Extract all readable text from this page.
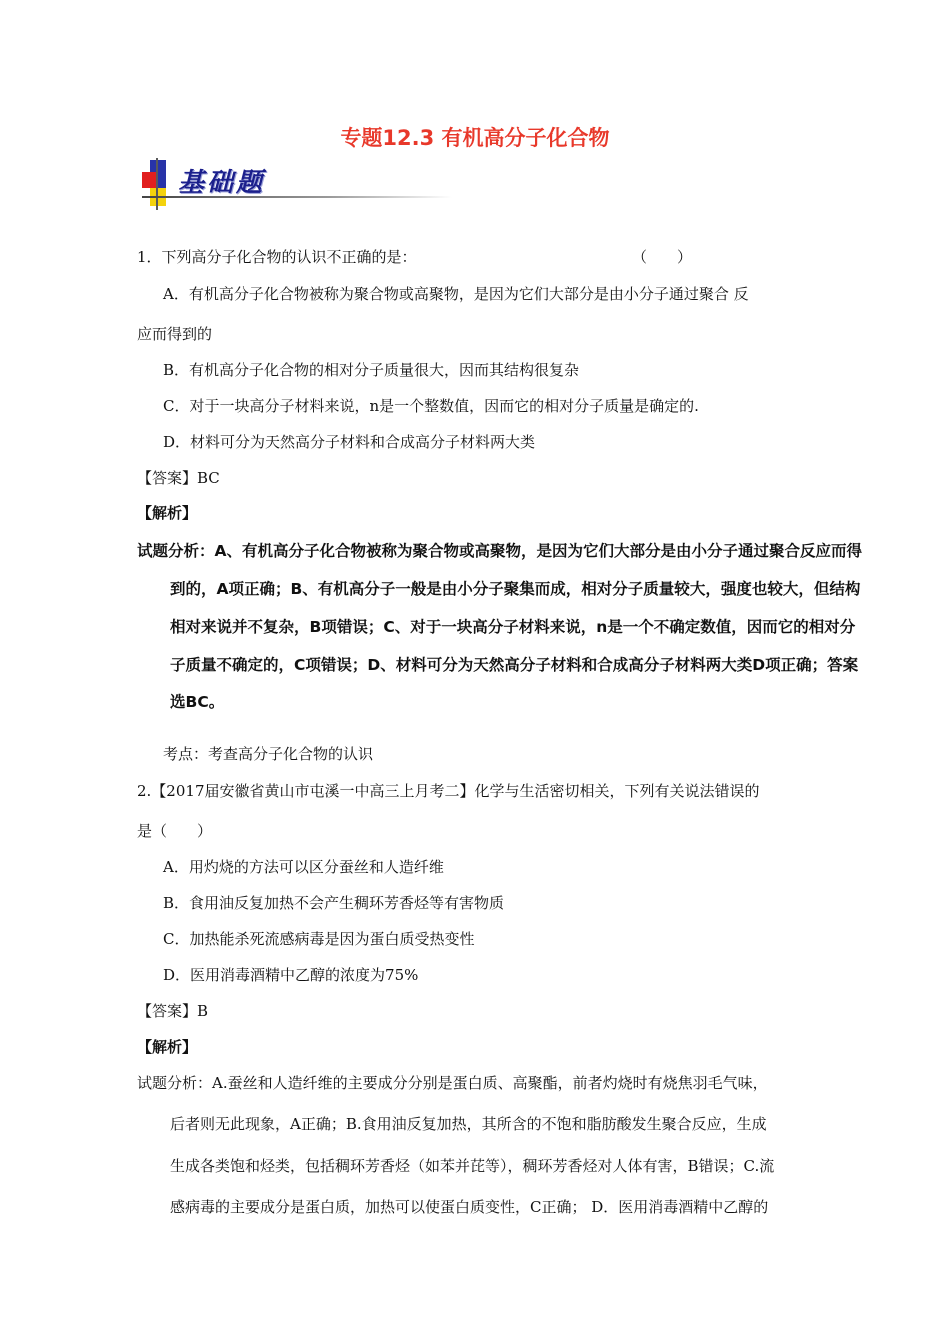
专题12.3 有机高分子化合物
基础题
1．下列高分子化合物的认识不正确的是：	（　　）
A．有机高分子化合物被称为聚合物或高聚物，是因为它们大部分是由小分子通过聚合 反
应而得到的
B．有机高分子化合物的相对分子质量很大，因而其结构很复杂
C．对于一块高分子材料来说，n是一个整数值，因而它的相对分子质量是确定的.
D．材料可分为天然高分子材料和合成高分子材料两大类
【答案】BC
【解析】
试题分析：A、有机高分子化合物被称为聚合物或高聚物，是因为它们大部分是由小分子通过聚合反应而得
到的，A项正确；B、有机高分子一般是由小分子聚集而成，相对分子质量较大，强度也较大，但结构
相对来说并不复杂，B项错误；C、对于一块高分子材料来说，n是一个不确定数值，因而它的相对分
子质量不确定的，C项错误；D、材料可分为天然高分子材料和合成高分子材料两大类D项正确；答案
选BC。
考点：考查高分子化合物的认识
2.【2017届安徽省黄山市屯溪一中高三上月考二】化学与生活密切相关，下列有关说法错误的
是（　　）
A．用灼烧的方法可以区分蚕丝和人造纤维
B．食用油反复加热不会产生稠环芳香烃等有害物质
C．加热能杀死流感病毒是因为蛋白质受热变性
D．医用消毒酒精中乙醇的浓度为75%
【答案】B
【解析】
试题分析：A.蚕丝和人造纤维的主要成分分别是蛋白质、高聚酯，前者灼烧时有烧焦羽毛气味，
后者则无此现象，A正确；B.食用油反复加热，其所含的不饱和脂肪酸发生聚合反应，生成
生成各类饱和烃类，包括稠环芳香烃（如苯并芘等），稠环芳香烃对人体有害，B错误；C.流
感病毒的主要成分是蛋白质，加热可以使蛋白质变性，C正确； D．医用消毒酒精中乙醇的
